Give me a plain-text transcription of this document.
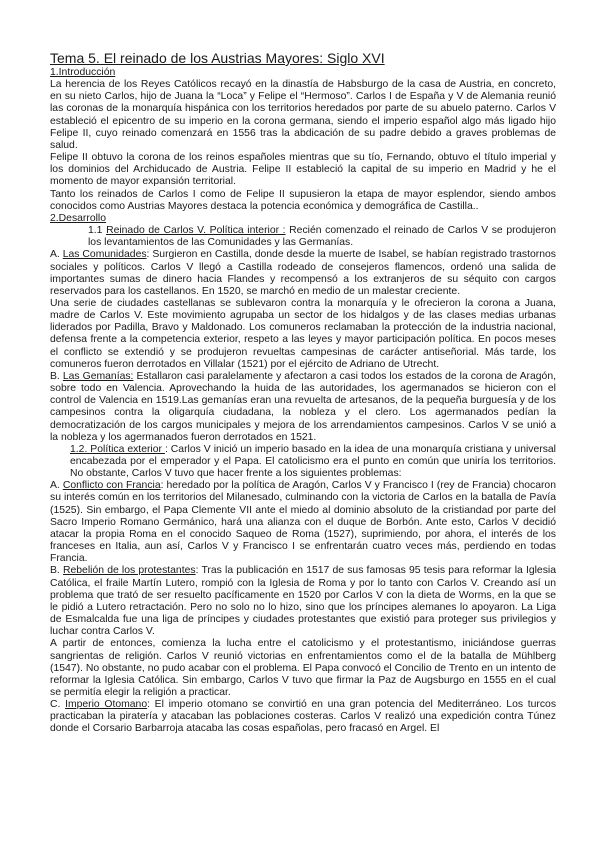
Tema 5. El reinado de los Austrias Mayores: Siglo XVI
1.Introducción

La herencia de los Reyes Católicos recayó en la dinastía de Habsburgo de la casa de Austria, en concreto, en su nieto Carlos, hijo de Juana la “Loca” y Felipe el “Hermoso”. Carlos I de España y V de Alemania reunió las coronas de la monarquía hispánica con los territorios heredados por parte de su abuelo paterno. Carlos V estableció el epicentro de su imperio en la corona germana, siendo el imperio español algo más ligado hijo Felipe II, cuyo reinado comenzará en 1556 tras la abdicación de su padre debido a graves problemas de salud.

Felipe II obtuvo la corona de los reinos españoles mientras que su tío, Fernando, obtuvo el título imperial y los dominios del Archiducado de Austria. Felipe II estableció la capital de su imperio en Madrid y he el momento de mayor expansión territorial.

Tanto los reinados de Carlos I como de Felipe II supusieron la etapa de mayor esplendor, siendo ambos conocidos como Austrias Mayores destaca la potencia económica y demográfica de Castilla..

2.Desarrollo

1.1 Reinado de Carlos V. Política interior : Recién comenzado el reinado de Carlos V se produjeron los levantamientos de las Comunidades y las Germanías.

A. Las Comunidades: Surgieron en Castilla, donde desde la muerte de Isabel, se habían registrado trastornos sociales y políticos. Carlos V llegó a Castilla rodeado de consejeros flamencos, ordenó una salida de importantes sumas de dinero hacia Flandes y recompensó a los extranjeros de su séquito con cargos reservados para los castellanos. En 1520, se marchó en medio de un malestar creciente.

Una serie de ciudades castellanas se sublevaron contra la monarquía y le ofrecieron la corona a Juana, madre de Carlos V. Este movimiento agrupaba un sector de los hidalgos y de las clases medias urbanas liderados por Padilla, Bravo y Maldonado. Los comuneros reclamaban la protección de la industria nacional, defensa frente a la competencia exterior, respeto a las leyes y mayor participación política. En pocos meses el conflicto se extendió y se produjeron revueltas campesinas de carácter antiseñorial. Más tarde, los comuneros fueron derrotados en Villalar (1521) por el ejército de Adriano de Utrecht.

B. Las Gemanías: Estallaron casi paralelamente y afectaron a casi todos los estados de la corona de Aragón, sobre todo en Valencia. Aprovechando la huida de las autoridades, los agermanados se hicieron con el control de Valencia en 1519.Las gemanías eran una revuelta de artesanos, de la pequeña burguesía y de los campesinos contra la oligarquía ciudadana, la nobleza y el clero. Los agermanados pedían la democratización de los cargos municipales y mejora de los arrendamientos campesinos. Carlos V se unió a la nobleza y los agermanados fueron derrotados en 1521.

1.2. Política exterior : Carlos V inició un imperio basado en la idea de una monarquía cristiana y universal encabezada por el emperador y el Papa. El catolicismo era el punto en común que uniría los territorios. No obstante, Carlos V tuvo que hacer frente a los siguientes problemas:

A. Conflicto con Francia: heredado por la política de Aragón, Carlos V y Francisco I (rey de Francia) chocaron su interés común en los territorios del Milanesado, culminando con la victoria de Carlos en la batalla de Pavía (1525). Sin embargo, el Papa Clemente VII ante el miedo al dominio absoluto de la cristiandad por parte del Sacro Imperio Romano Germánico, hará una alianza con el duque de Borbón. Ante esto, Carlos V decidió atacar la propia Roma en el conocido Saqueo de Roma (1527), suprimiendo, por ahora, el interés de los franceses en Italia, aun así, Carlos V y Francisco I se enfrentarán cuatro veces más, perdiendo en todas Francia.

B. Rebelión de los protestantes: Tras la publicación en 1517 de sus famosas 95 tesis para reformar la Iglesia Católica, el fraile Martín Lutero, rompió con la Iglesia de Roma y por lo tanto con Carlos V. Creando así un problema que trató de ser resuelto pacíficamente en 1520 por Carlos V con la dieta de Worms, en la que se le pidió a Lutero retractación. Pero no solo no lo hizo, sino que los príncipes alemanes lo apoyaron. La Liga de Esmalcalda fue una liga de príncipes y ciudades protestantes que existió para proteger sus privilegios y luchar contra Carlos V.

A partir de entonces, comienza la lucha entre el catolicismo y el protestantismo, iniciándose guerras sangrientas de religión. Carlos V reunió victorias en enfrentamientos como el de la batalla de Mühlberg (1547). No obstante, no pudo acabar con el problema. El Papa convocó el Concilio de Trento en un intento de reformar la Iglesia Católica. Sin embargo, Carlos V tuvo que firmar la Paz de Augsburgo en 1555 en el cual se permitía elegir la religión a practicar.

C. Imperio Otomano: El imperio otomano se convirtió en una gran potencia del Mediterráneo. Los turcos practicaban la piratería y atacaban las poblaciones costeras. Carlos V realizó una expedición contra Túnez donde el Corsario Barbarroja atacaba las cosas españolas, pero fracasó en Argel. El
